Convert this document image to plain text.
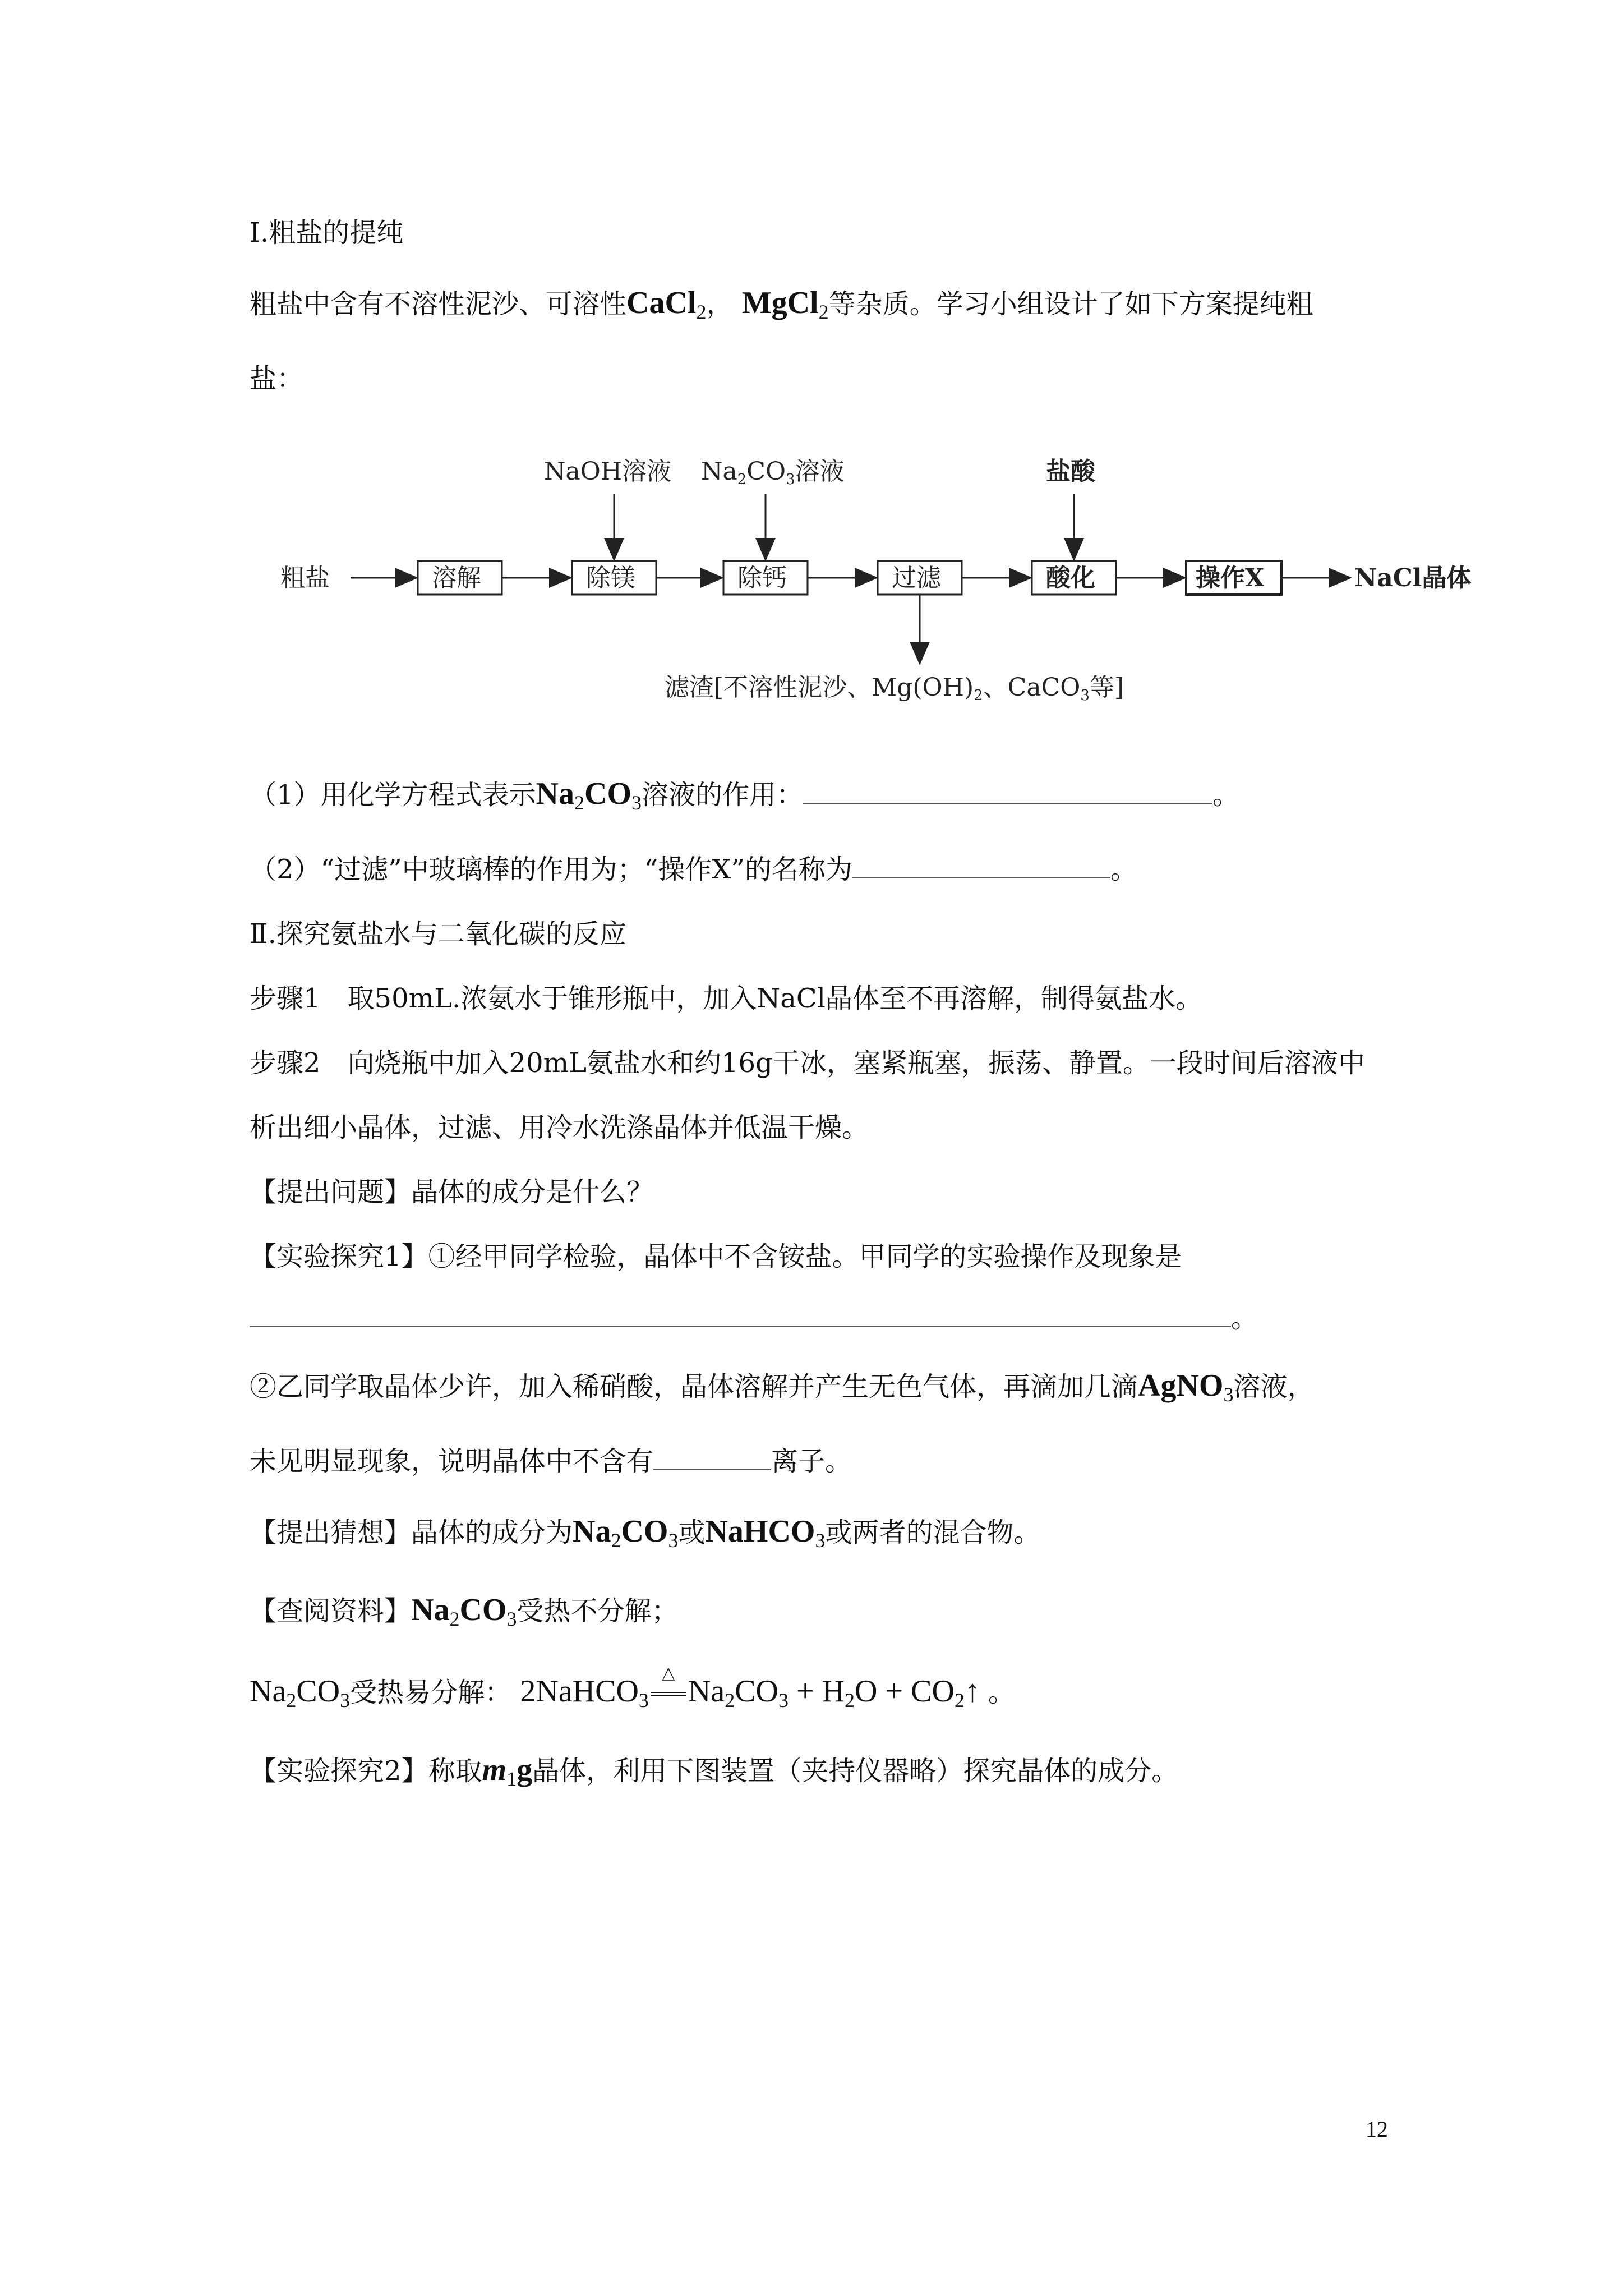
Ⅰ.粗盐的提纯
粗盐中含有不溶性泥沙、可溶性CaCl$_2$， MgCl$_2$等杂质。学习小组设计了如下方案提纯粗
盐：
粗盐	溶解	除镁	除钙	过滤	酸化	操作X	NaCl晶体
NaOH溶液 Na2CO3溶液	盐酸
滤渣[不溶性泥沙、Mg(OH)2、CaCO3等]
（1）用化学方程式表示$Na_2CO_3$溶液的作用：	。
（2）“过滤”中玻璃棒的作用为；“操作X”的名称为	。
Ⅱ.探究氨盐水与二氧化碳的反应
步骤1　取50mL.浓氨水于锥形瓶中，加入NaCl晶体至不再溶解，制得氨盐水。
步骤2　向烧瓶中加入20mL氨盐水和约16g干冰，塞紧瓶塞，振荡、静置。一段时间后溶液中
析出细小晶体，过滤、用冷水洗涤晶体并低温干燥。
【提出问题】晶体的成分是什么？
【实验探究1】①经甲同学检验，晶体中不含铵盐。甲同学的实验操作及现象是
。
②乙同学取晶体少许，加入稀硝酸，晶体溶解并产生无色气体，再滴加几滴AgNO$_3$溶液，
未见明显现象，说明晶体中不含有	离子。
【提出猜想】晶体的成分为$Na_2CO_3$或NaHCO$_3$或两者的混合物。
【查阅资料】$Na_2CO_3$受热不分解；
$Na_2CO_3$受热易分解： 2NaHCO$_3$
△
$Na_2CO_3 + H_2O$ + $CO_2↑$ 。
【实验探究2】称取$m_1g$晶体，利用下图装置（夹持仪器略）探究晶体的成分。
12
